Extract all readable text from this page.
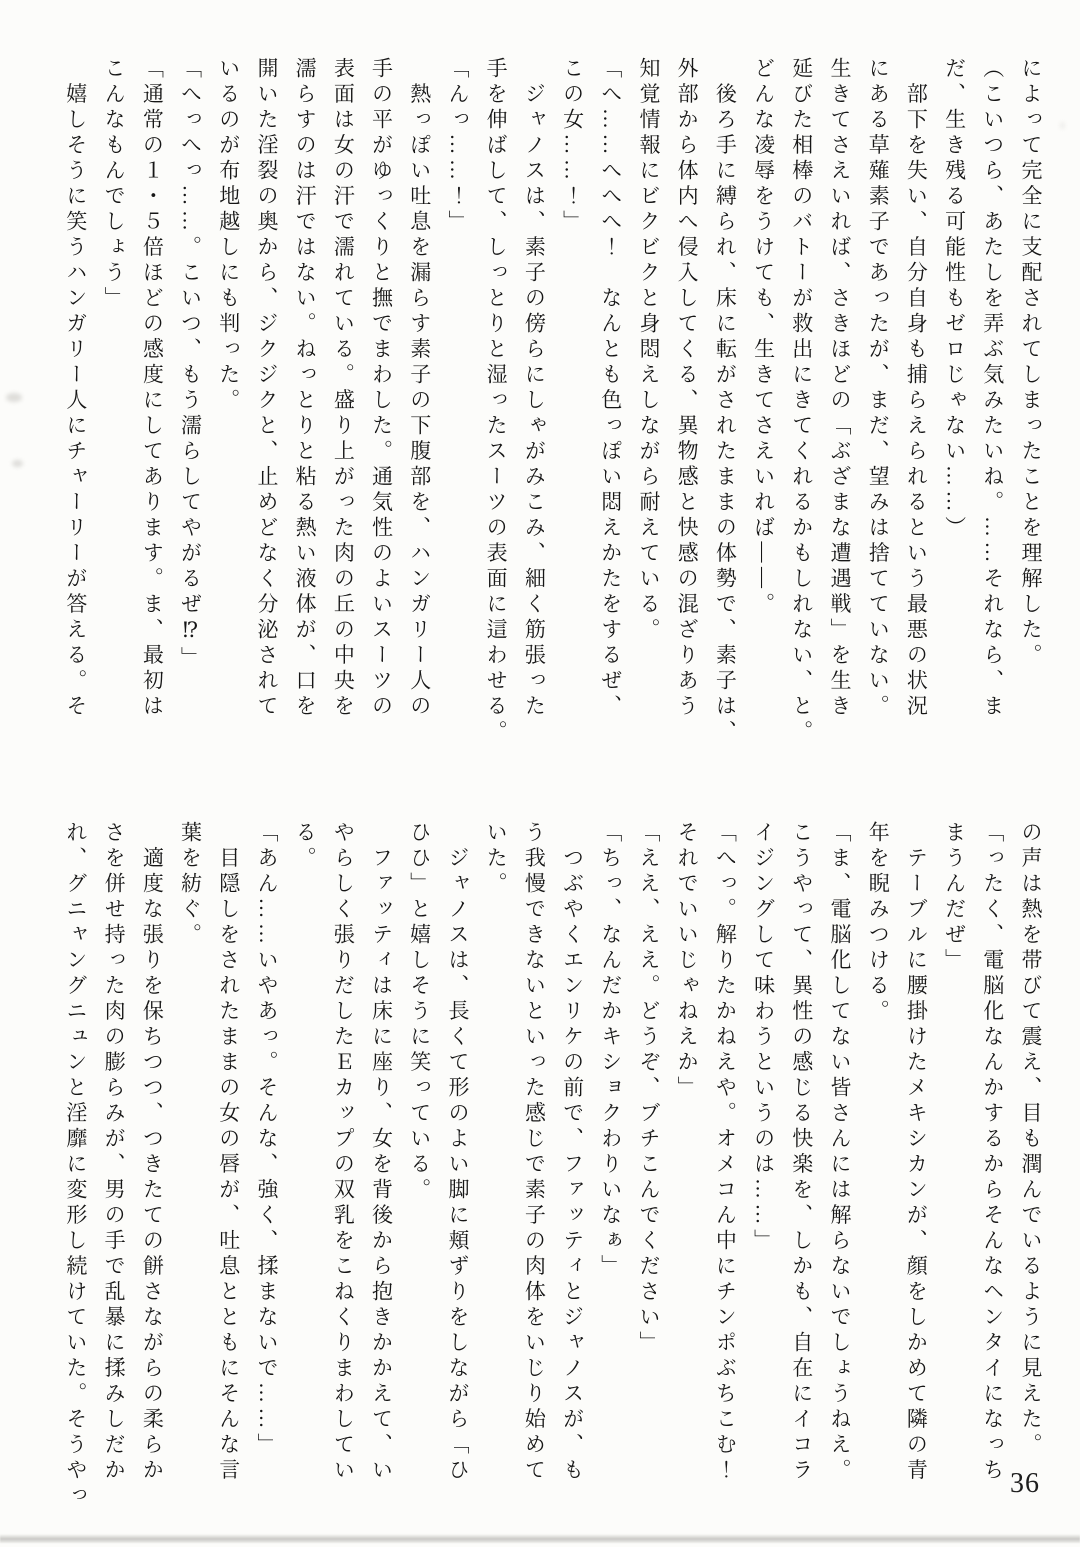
によって完全に支配されてしまったことを理解した。

（こいつら、あたしを弄ぶ気みたいね。……それなら、ま

だ、生き残る可能性もゼロじゃない……）

　部下を失い、自分自身も捕らえられるという最悪の状況

にある草薙素子であったが、まだ、望みは捨てていない。

生きてさえいれば、さきほどの「ぶざまな遭遇戦」を生き

延びた相棒のバトーが救出にきてくれるかもしれない、と。

どんな凌辱をうけても、生きてさえいれば――。

　後ろ手に縛られ、床に転がされたままの体勢で、素子は、

外部から体内へ侵入してくる、異物感と快感の混ざりあう

知覚情報にビクビクと身悶えしながら耐えている。

「へ……へへへ！　なんとも色っぽい悶えかたをするぜ、

この女……！」

　ジャノスは、素子の傍らにしゃがみこみ、細く筋張った

手を伸ばして、しっとりと湿ったスーツの表面に這わせる。

「んっ……！」

　熱っぽい吐息を漏らす素子の下腹部を、ハンガリー人の

手の平がゆっくりと撫でまわした。通気性のよいスーツの

表面は女の汗で濡れている。盛り上がった肉の丘の中央を

濡らすのは汗ではない。ねっとりと粘る熱い液体が、口を

開いた淫裂の奥から、ジクジクと、止めどなく分泌されて

いるのが布地越しにも判った。

「へっへっ……。こいつ、もう濡らしてやがるぜ⁉」

「通常の１・５倍ほどの感度にしてあります。ま、最初は

こんなもんでしょう」

　嬉しそうに笑うハンガリー人にチャーリーが答える。そ

の声は熱を帯びて震え、目も潤んでいるように見えた。

「ったく、電脳化なんかするからそんなヘンタイになっち

まうんだぜ」

　テーブルに腰掛けたメキシカンが、顔をしかめて隣の青

年を睨みつける。

「ま、電脳化してない皆さんには解らないでしょうねえ。

こうやって、異性の感じる快楽を、しかも、自在にイコラ

イジングして味わうというのは……」

「へっ。解りたかねえや。オメコん中にチンポぶちこむ！

それでいいじゃねえか」

「ええ、ええ。どうぞ、ブチこんでください」

「ちっ、なんだかキショクわりいなぁ」

　つぶやくエンリケの前で、ファッティとジャノスが、も

う我慢できないといった感じで素子の肉体をいじり始めて

いた。

　ジャノスは、長くて形のよい脚に頬ずりをしながら「ひ

ひひ」と嬉しそうに笑っている。

　ファッティは床に座り、女を背後から抱きかかえて、い

やらしく張りだしたＥカップの双乳をこねくりまわしてい

る。

「あん……いやあっ。そんな、強く、揉まないで……」

　目隠しをされたままの女の唇が、吐息とともにそんな言

葉を紡ぐ。

　適度な張りを保ちつつ、つきたての餅さながらの柔らか

さを併せ持った肉の膨らみが、男の手で乱暴に揉みしだか

れ、グニャングニュンと淫靡に変形し続けていた。そうやっ	36
